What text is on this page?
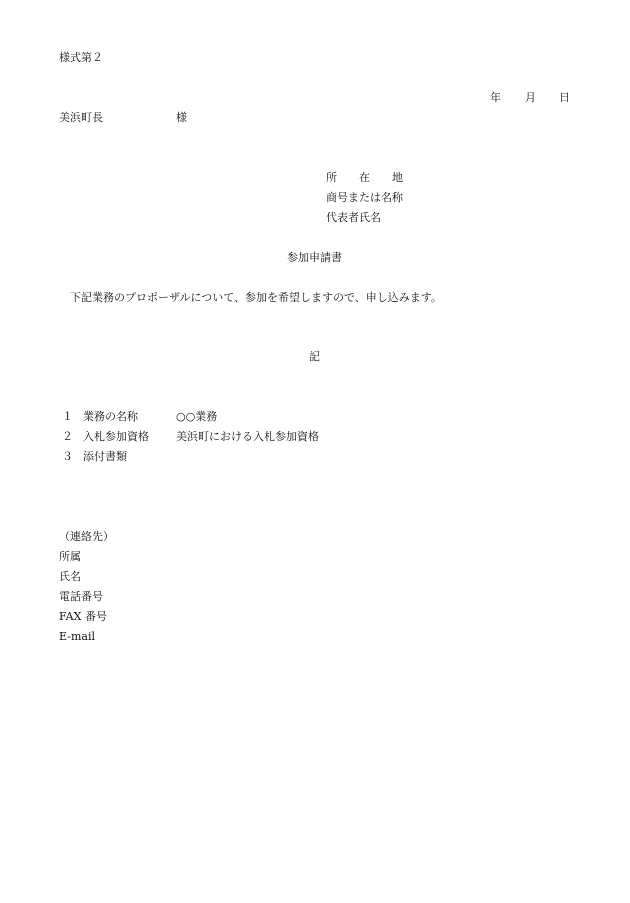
様式第２
年 月 日
美浜町長	様
所　　在　　地
商号または名称
代表者氏名
参加申請書
　下記業務のプロポーザルについて、参加を希望しますので、申し込みます。
記
１ 業務の名称	○○業務
２ 入札参加資格 美浜町における入札参加資格
３ 添付書類
（連絡先）
所属
氏名
電話番号
FAX 番号
E-mail
